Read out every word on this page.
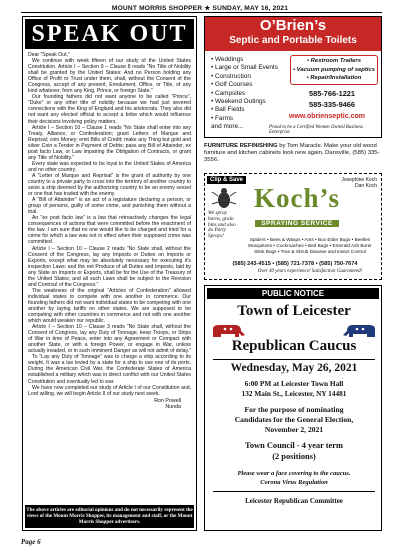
MOUNT MORRIS SHOPPER ★ SUNDAY, MAY 16, 2021
SPEAK OUT

Dear “Speak Out,”

We continue with week fifteen of our study of the United States Constitution. Article I – Section 9 – Clause 8 reads “No Title of Nobility shall be granted by the United States: And no Person holding any Office of Profit or Trust under them, shall, without the Consent of the Congress, accept of any present, Emolument, Office, or Title, of any kind whatever, from any King, Prince, or foreign State.”

Our founding fathers did not want anyone to be called “Prince”, “Duke” or any other title of nobility because we had just severed connections with the King of England and his aristocrats. They also did not want any elected official to accept a bribe which would influence their decisions involving policy matters.

Article I – Section 10 – Clause 1 reads “No State shall enter into any Treaty, Alliance, or Confederation; grant Letters of Marque and Reprisal; coin Money; emit Bills of Credit; make any Thing but gold and silver Coin a Tender in Payment of Debts; pass any Bill of Attainder, ex post facto Law, or Law impairing the Obligation of Contracts, or grant any Title of Nobility.”

Every state was expected to be loyal to the United States of America and no other country.

A “Letter of Marque and Reprisal” is the grant of authority by one country to a private party to cross into the territory of another country to seize a ship deemed by the authorizing country to be an enemy vessel or one that has traded with the enemy.

A “Bill of Attainder” is an act of a legislature declaring a person, or group of persons, guilty of some crime, and punishing them without a trial.

An “ex post facto law” is a law that retroactively changes the legal consequences of actions that were committed before the enactment of the law. I am sure that no one would like to be charged and tried for a crime for which a law was not in effect when their supposed crime was committed.

Article I – Section 10 – Clause 2 reads “No State shall, without the Consent of the Congress, lay any Imposts or Duties on Imports or Exports, except what may be absolutely necessary for executing it’s inspection Laws: and the net Produce of all Duties and Imposts, laid by any State on Imports or Exports, shall be for the Use of the Treasury of the United States; and all such Laws shall be subject to the Revision and Controul of the Congress.”

The weakness of the original “Articles of Confederation” allowed individual states to compete with one another in commerce. Our founding fathers did not want individual states to be competing with one another by laying tariffs on other states. We are supposed to be competing with other countries in commerce and not with one another which would weaken our republic.

Article I – Section 10 – Clause 3 reads “No State shall, without the Consent of Congress, lay any Duty of Tonnage, keep Troops, or Ships of War in time of Peace, enter into any Agreement or Compact with another State, or with a foreign Power, or engage in War, unless actually invaded, or in such imminent Danger as will not admit of delay.”

To “Lay any Duty of Tonnage” was to charge a ship according to its weight. It was a tax levied by a state for a ship to use one of its ports. During the American Civil War, the Confederate States of America established a military which was in direct conflict with our United States Constitution and eventually led to war.

We have now completed our study of Article I of our Constitution and, Lord willing, we will begin Article II of our study next week.

Ron Powell
Nunda
The above articles are editorial opinions and do not necessarily represent the views of the Mount Morris Shopper, its management and staff, or the Mount Morris Shopper advertisers.
Page 6
O’Brien’s
Septic and Portable Toilets
• Weddings
• Large or Small Events
• Construction
• Golf Courses
• Campsites
• Weekend Outings
• Ball Fields
• Farms
and more...
• Restroom Trailers
• Vacuum pumping of septics
• Repair/Installation
585-766-1221
585-335-9466
www.obrienseptic.com
Proud to be a Certified Women Owned Business Enterprise
FURNITURE REFINISHING by Tom Maracle. Make your old wood furniture and kitchen cabinets look new again. Dansville, (585) 335-3556.
Clip & Save	Josephine Koch
Dan Koch
Koch’s
SPRAYING SERVICE
We spray barns, grain bins and also do Party Sprays!
Spiders • Bees & Wasps • Ants • Box Elder Bugs • Beetles
Mosquitoes • Cockroaches • Bed Bugs • Emerald Ash Borer
Stink Bugs • Tree & Shrub Disease and Insect Control
(585) 243-4515 • (585) 721-7378 • (585) 750-7674
Over 40 years experience! Satisfaction Guaranteed!
PUBLIC NOTICE
Town of Leicester
Republican Caucus
Wednesday, May 26, 2021
6:00 PM at Leicester Town Hall
132 Main St., Leicester, NY 14481
For the purpose of nominating
Candidates for the General Election,
November 2, 2021
Town Council - 4 year term
(2 positions)
Please wear a face covering to the caucus.
Corona Virus Regulation
Leicester Republican Committee
